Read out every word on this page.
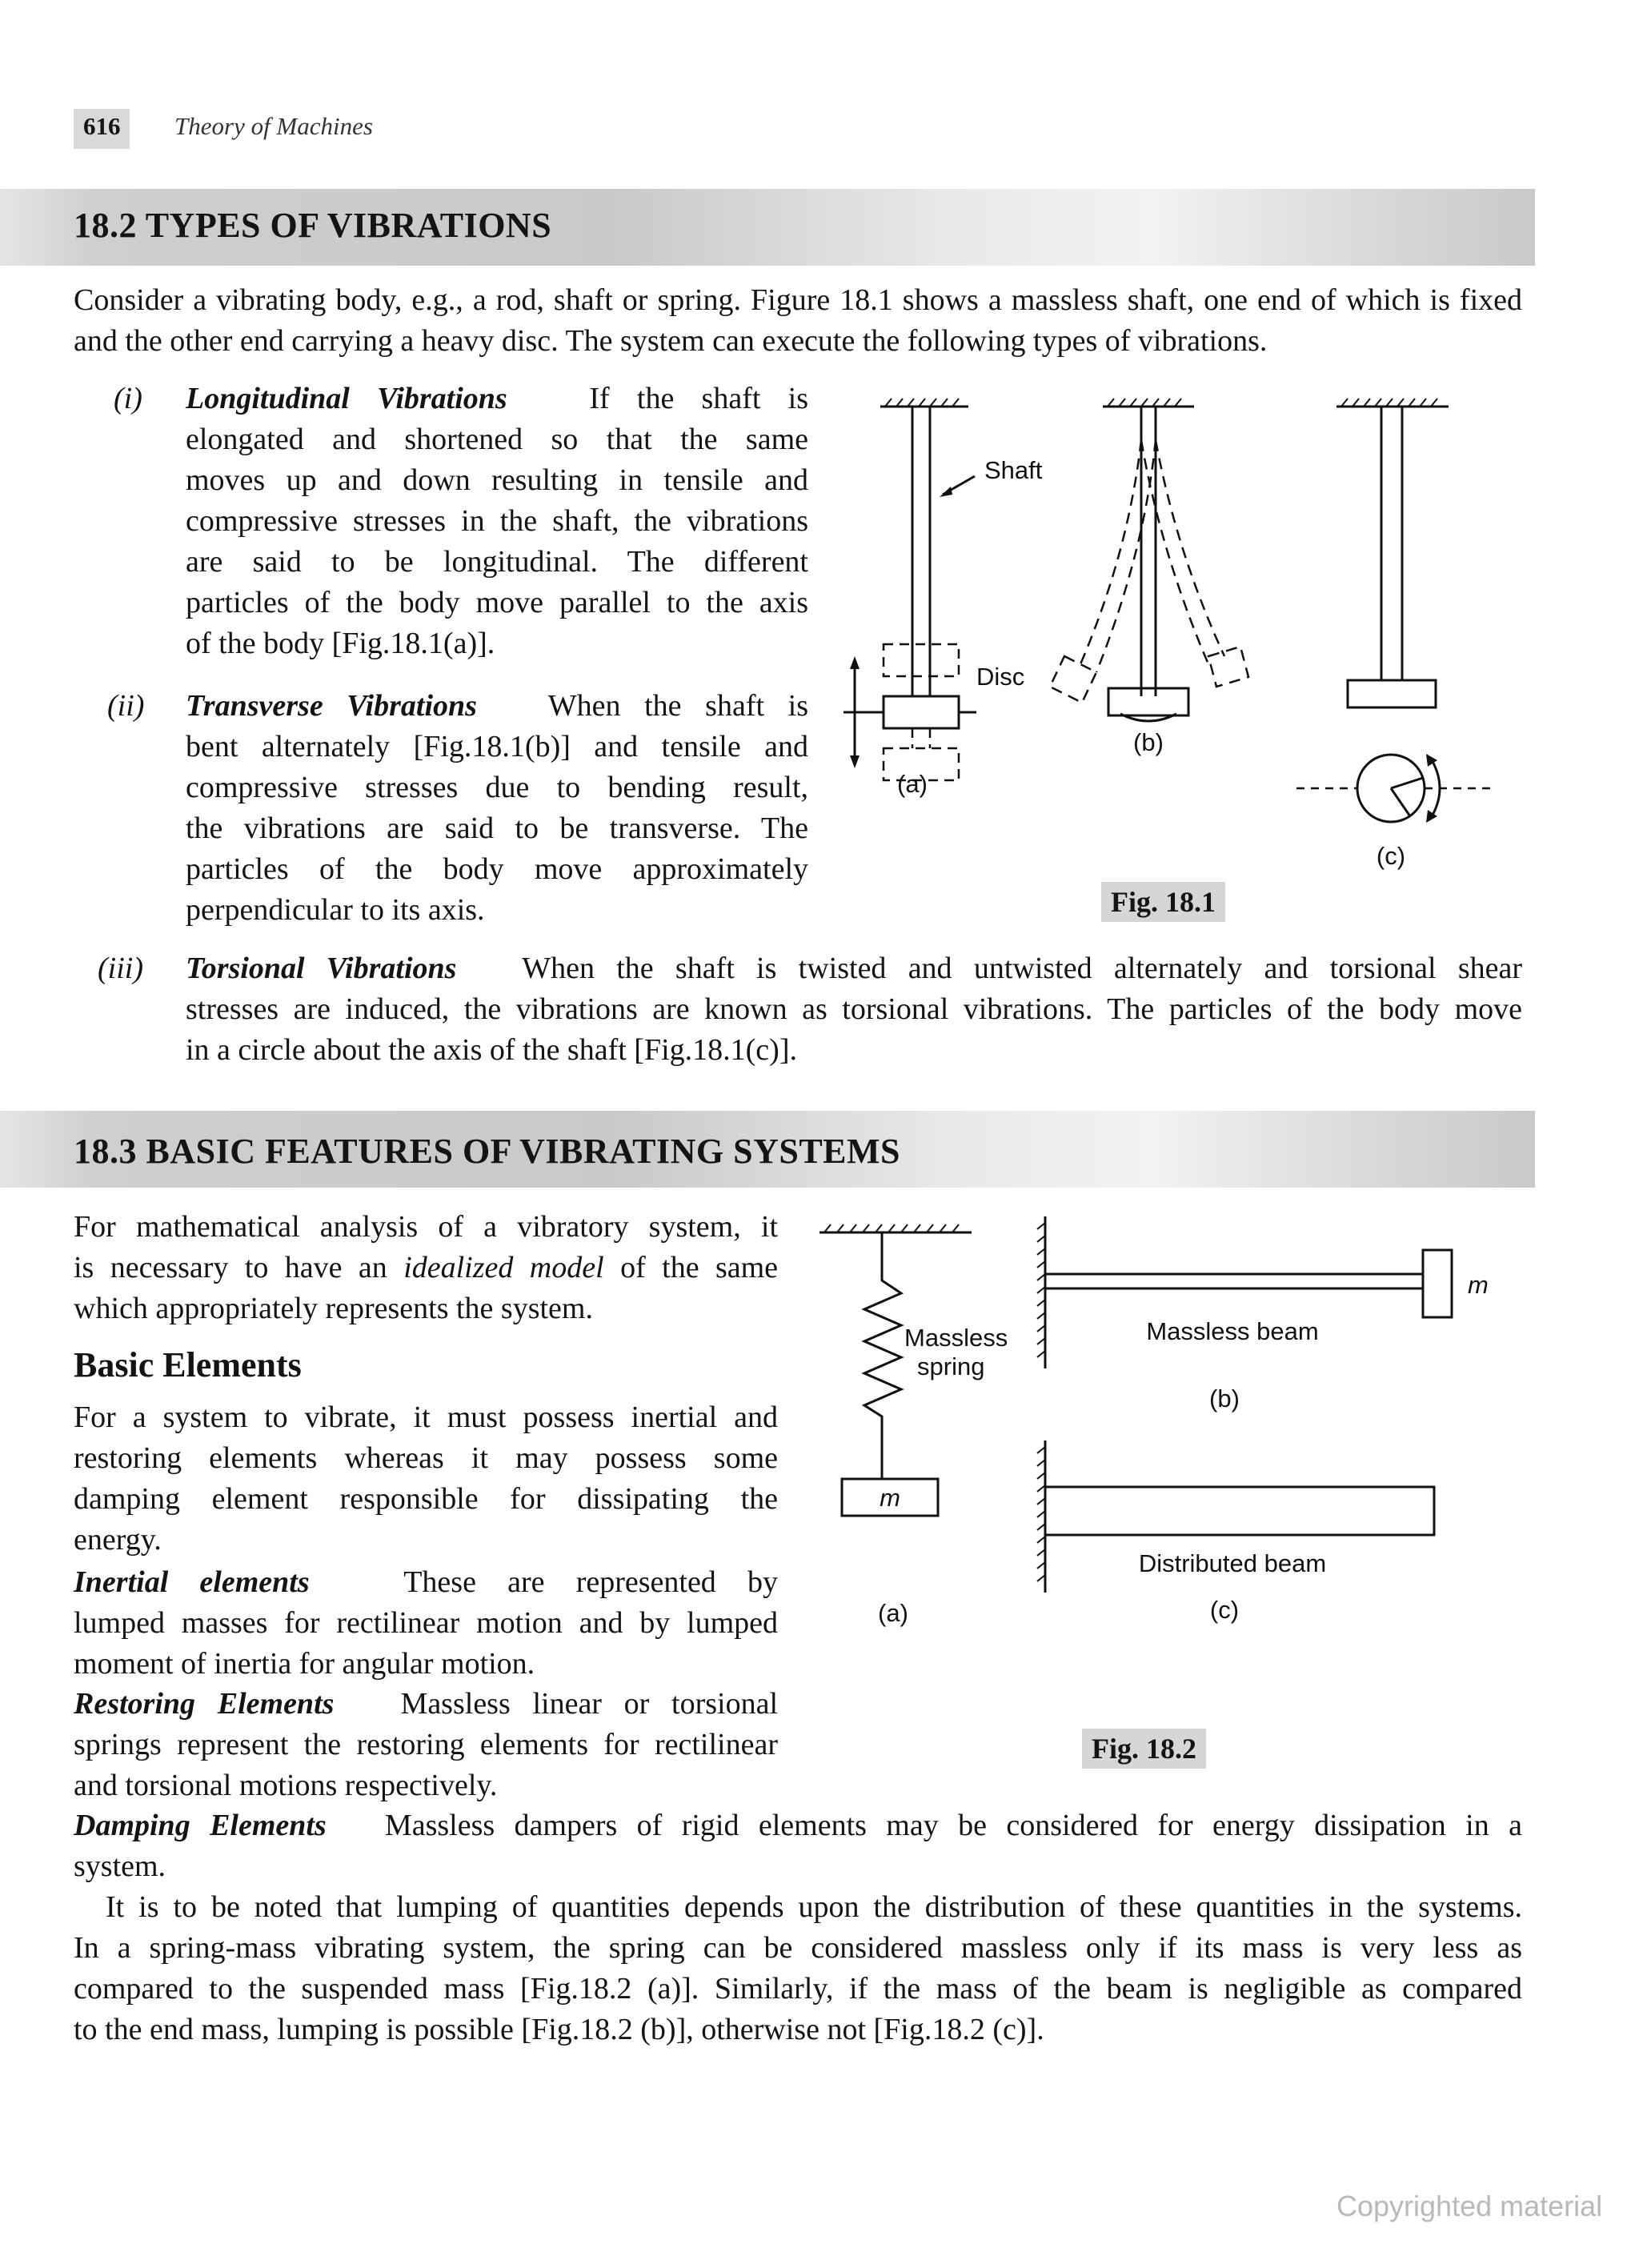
616 Theory of Machines
18.2 TYPES OF VIBRATIONS
Consider a vibrating body, e.g., a rod, shaft or spring. Figure 18.1 shows a massless shaft, one end of which is fixed and the other end carrying a heavy disc. The system can execute the following types of vibrations.
(i) Longitudinal Vibrations	If the shaft is
elongated and shortened so that the same
moves up and down resulting in tensile and
compressive stresses in the shaft, the vibrations
are said to be longitudinal. The different
particles of the body move parallel to the axis
of the body [Fig.18.1(a)].
(ii) Transverse Vibrations When the shaft is
bent alternately [Fig.18.1(b)] and tensile and
compressive stresses due to bending result,
the vibrations are said to be transverse. The
particles of the body move approximately
perpendicular to its axis.
Shaft
Disc
(a)
(b)
(c)
Fig. 18.1
(iii) Torsional Vibrations When the shaft is twisted and untwisted alternately and torsional shear
stresses are induced, the vibrations are known as torsional vibrations. The particles of the body move
in a circle about the axis of the shaft [Fig.18.1(c)].
18.3 BASIC FEATURES OF VIBRATING SYSTEMS
For mathematical analysis of a vibratory system, it
is necessary to have an idealized model of the same
which appropriately represents the system.
Basic Elements
For a system to vibrate, it must possess inertial and
restoring elements whereas it may possess some
damping element responsible for dissipating the
energy.
Inertial elements	These are represented by
lumped masses for rectilinear motion and by lumped
moment of inertia for angular motion.
Restoring Elements Massless linear or torsional
springs represent the restoring elements for rectilinear
and torsional motions respectively.
Damping Elements Massless dampers of rigid elements may be considered for energy dissipation in a
system.
It is to be noted that lumping of quantities depends upon the distribution of these quantities in the systems.
In a spring-mass vibrating system, the spring can be considered massless only if its mass is very less as
compared to the suspended mass [Fig.18.2 (a)]. Similarly, if the mass of the beam is negligible as compared
to the end mass, lumping is possible [Fig.18.2 (b)], otherwise not [Fig.18.2 (c)].
Massless
spring
m
(a)
m
Massless beam
(b)
Distributed beam
(c)
Fig. 18.2
Copyrighted material
